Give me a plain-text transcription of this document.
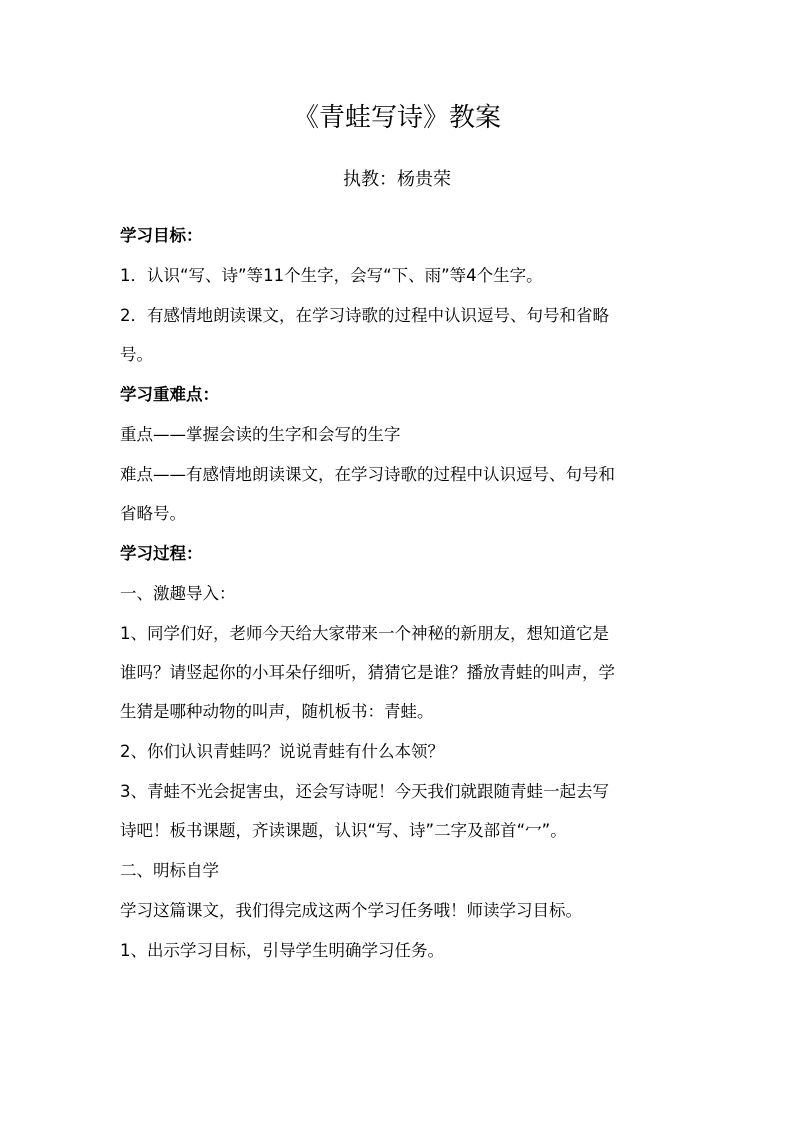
《青蛙写诗》教案
执教：杨贵荣

学习目标：

1．认识“写、诗”等11个生字，会写“下、雨”等4个生字。

2．有感情地朗读课文，在学习诗歌的过程中认识逗号、句号和省略

号。

学习重难点：

重点——掌握会读的生字和会写的生字

难点——有感情地朗读课文，在学习诗歌的过程中认识逗号、句号和

省略号。

学习过程：

一、激趣导入：

1、同学们好，老师今天给大家带来一个神秘的新朋友，想知道它是

谁吗？请竖起你的小耳朵仔细听，猜猜它是谁？播放青蛙的叫声，学

生猜是哪种动物的叫声，随机板书：青蛙。

2、你们认识青蛙吗？说说青蛙有什么本领？

3、青蛙不光会捉害虫，还会写诗呢！今天我们就跟随青蛙一起去写

诗吧！板书课题，齐读课题，认识“写、诗”二字及部首“冖”。

二、明标自学

学习这篇课文，我们得完成这两个学习任务哦！师读学习目标。

1、出示学习目标，引导学生明确学习任务。
